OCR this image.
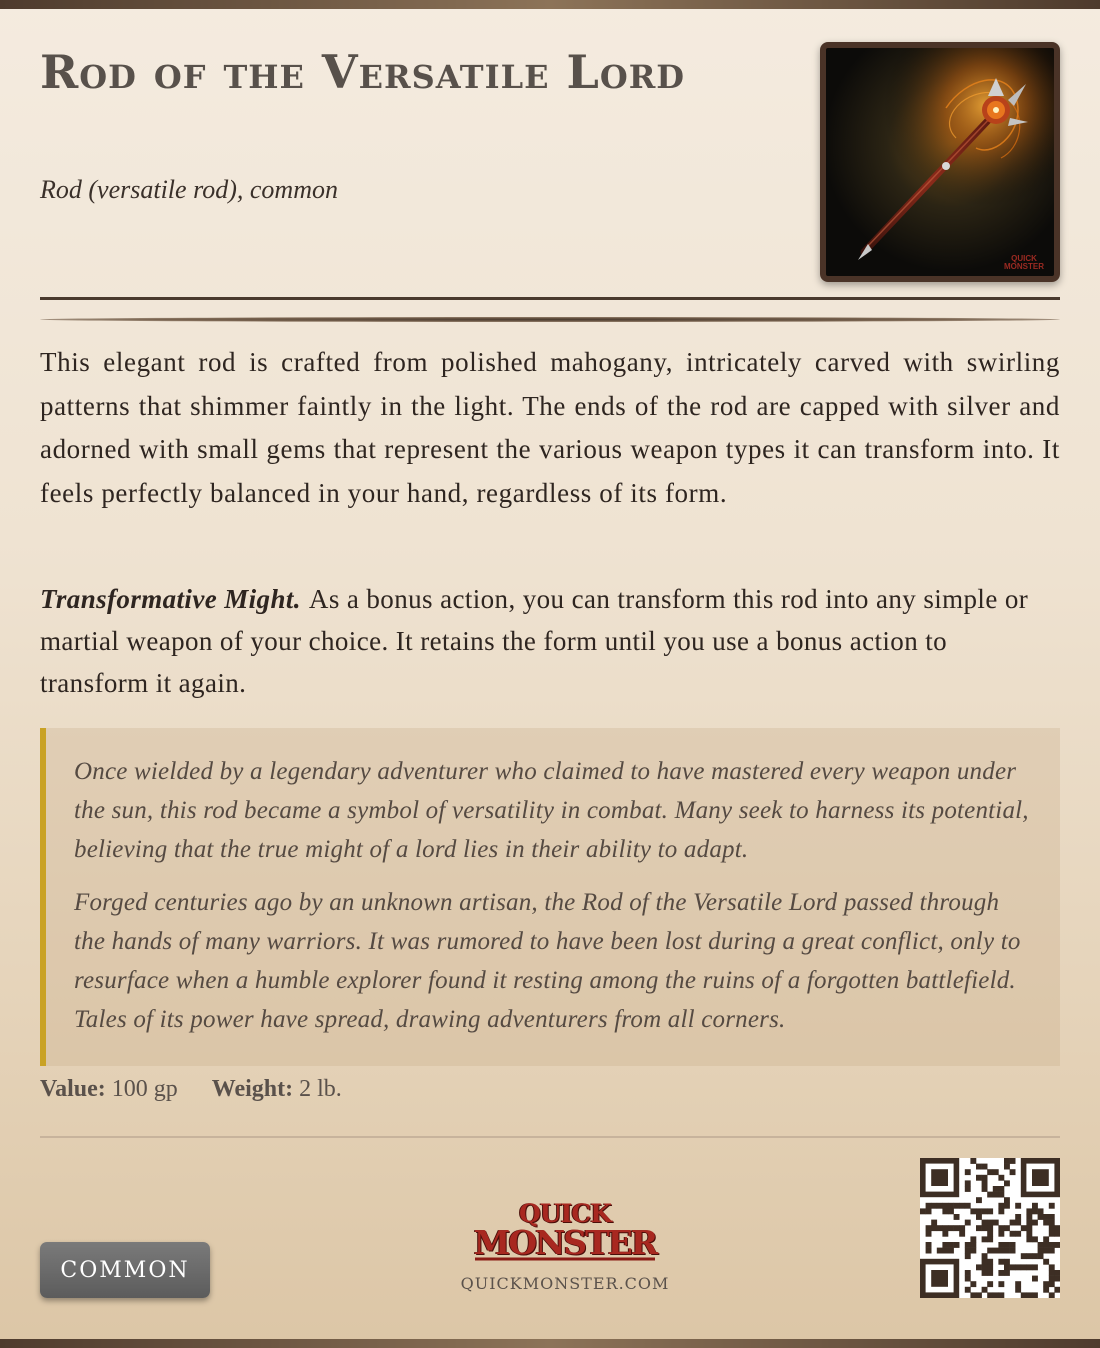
Rod of the Versatile Lord
Rod (versatile rod), common
QUICK
MONSTER

This elegant rod is crafted from polished mahogany, intricately carved with swirling patterns that shimmer faintly in the light. The ends of the rod are capped with silver and adorned with small gems that represent the various weapon types it can transform into. It feels perfectly balanced in your hand, regardless of its form.

Transformative Might. As a bonus action, you can transform this rod into any simple or martial weapon of your choice. It retains the form until you use a bonus action to transform it again.

Once wielded by a legendary adventurer who claimed to have mastered every weapon under the sun, this rod became a symbol of versatility in combat. Many seek to harness its potential, believing that the true might of a lord lies in their ability to adapt.

Forged centuries ago by an unknown artisan, the Rod of the Versatile Lord passed through the hands of many warriors. It was rumored to have been lost during a great conflict, only to resurface when a humble explorer found it resting among the ruins of a forgotten battlefield. Tales of its power have spread, drawing adventurers from all corners.

Value: 100 gp Weight: 2 lb.
COMMON
QUICK
MONSTER
QUICKMONSTER.COM
